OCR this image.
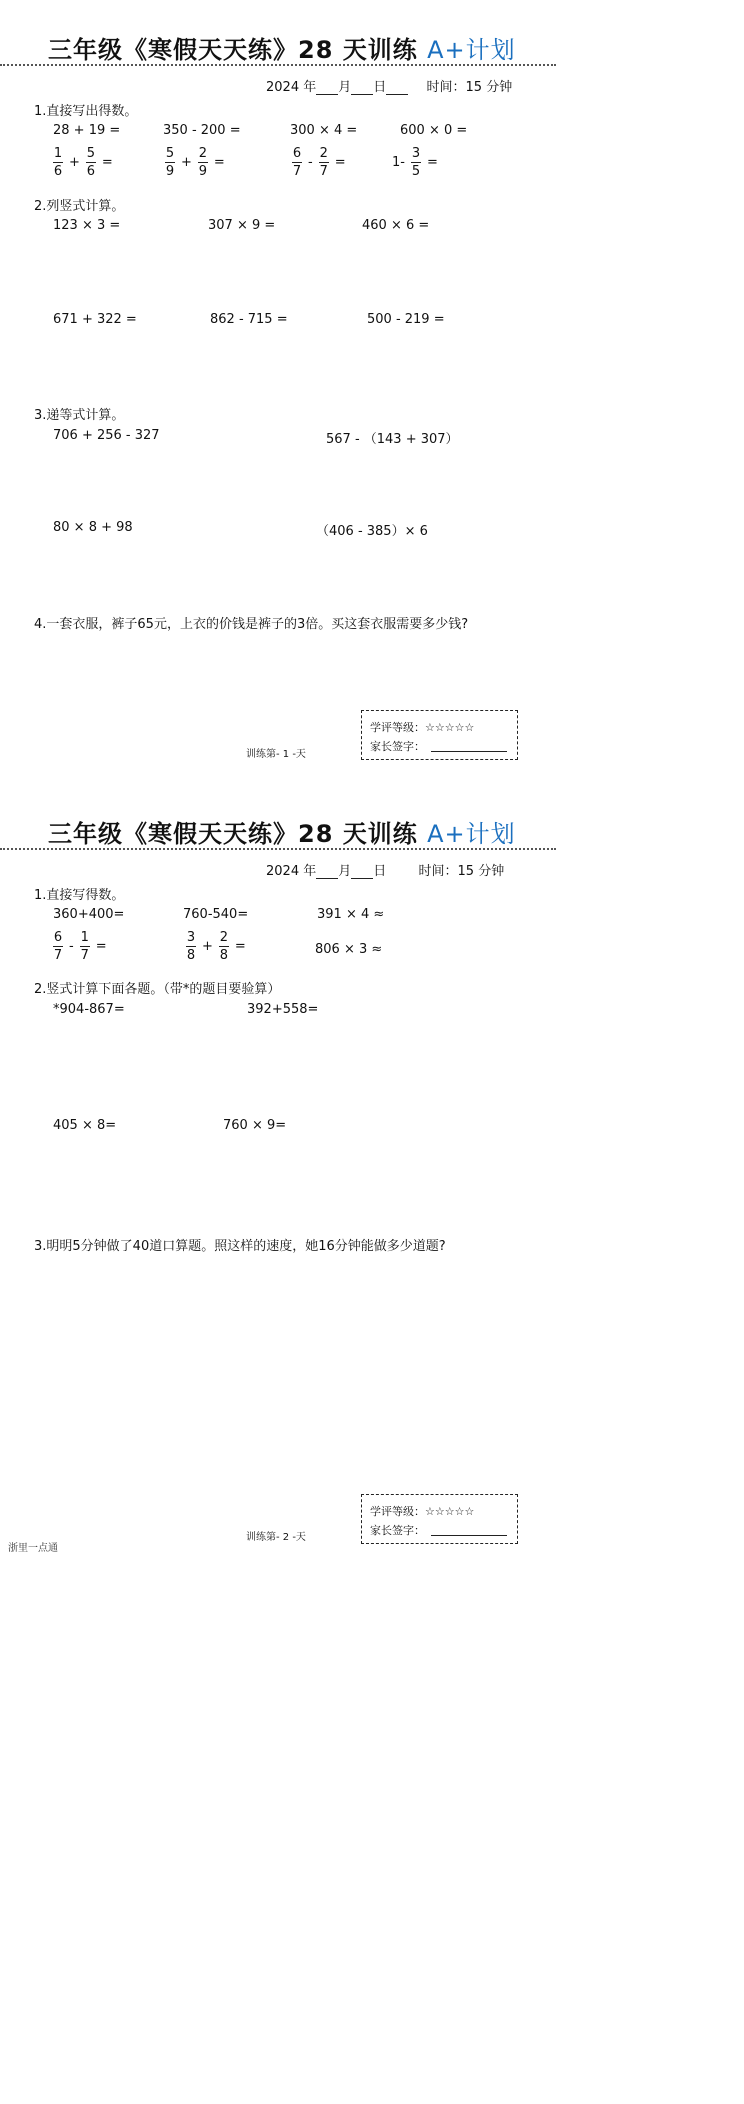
三年级《寒假天天练》28 天训练 A+计划
2024 年 月 日	时间：15 分钟
1.直接写出得数。
28 + 19 =	350 - 200 =	300 × 4 =	600 × 0 =
$\frac{1}{6} + \frac{5}{6}$ =	$\frac{5}{9} + \frac{2}{9}$ =	$\frac{6}{7} - \frac{2}{7}$ =	$1- \frac{3}{5}$ =
2.列竖式计算。
123 × 3 =	307 × 9 =	460 × 6 =
671 + 322 =	862 - 715 =	500 - 219 =
3.递等式计算。
706 + 256 - 327	567 - （143 + 307）
80 × 8 + 98	（406 - 385）× 6
4.一套衣服，裤子65元，上衣的价钱是裤子的3倍。买这套衣服需要多少钱?
学评等级：☆☆☆☆☆
家长签字：
训练第- 1 -天
三年级《寒假天天练》28 天训练 A+计划
2024 年 月 日 时间：15 分钟
1.直接写得数。
360+400=	760-540=	391 × 4 ≈
$\frac{6}{7} - \frac{1}{7}$ =	$\frac{3}{8} + \frac{2}{8}$ =	806 × 3 ≈
2.竖式计算下面各题。（带*的题目要验算）
*904-867=	392+558=
405 × 8=	760 × 9=
3.明明5分钟做了40道口算题。照这样的速度，她16分钟能做多少道题?
学评等级：☆☆☆☆☆
家长签字：
训练第- 2 -天
浙里一点通
